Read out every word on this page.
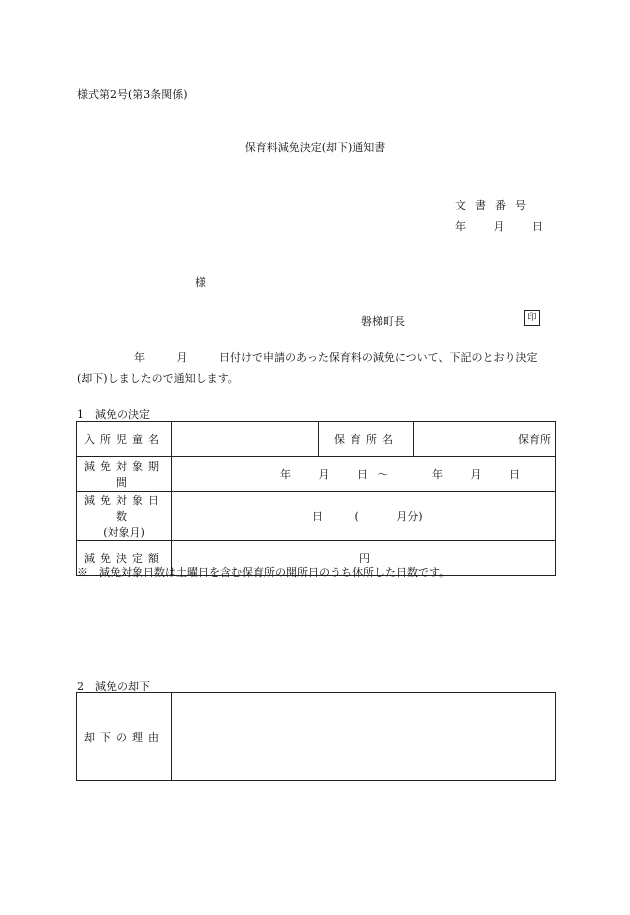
様式第2号(第3条関係)
保育料減免決定(却下)通知書
文書番号
年	月	日
様
磐梯町長	印
年	月	日付けで申請のあった保育料の減免について、下記のとおり決定
(却下)しましたので通知します。
1　減免の決定
入所児童名		保育所名	保育所
減免対象期間	年 月 日 ～ 年 月 日		

減免対象日数
(対象月)	日 ( 月分)		
減免決定額	円		
※　減免対象日数は土曜日を含む保育所の開所日のうち休所した日数です。
2　減免の却下
却下の理由	
